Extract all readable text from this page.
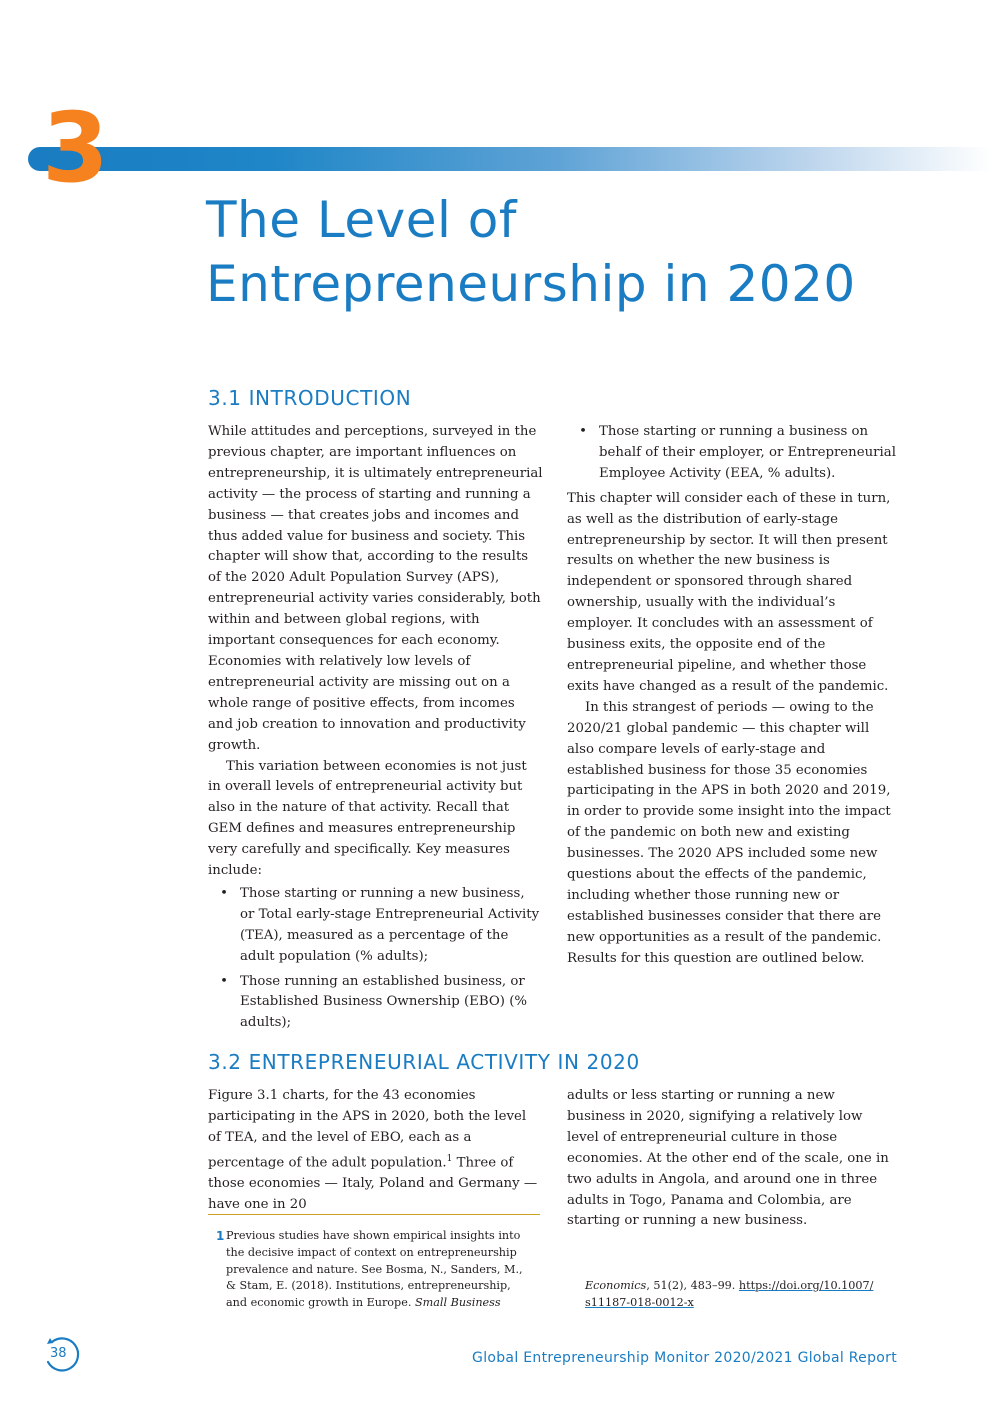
3
The Level of
Entrepreneurship in 2020
3.1 INTRODUCTION

While attitudes and perceptions, surveyed in the previous chapter, are important influences on entrepreneurship, it is ultimately entrepreneurial activity — the process of starting and running a business — that creates jobs and incomes and thus added value for business and society. This chapter will show that, according to the results of the 2020 Adult Population Survey (APS), entrepreneurial activity varies considerably, both within and between global regions, with important consequences for each economy. Economies with relatively low levels of entrepreneurial activity are missing out on a whole range of positive effects, from incomes and job creation to innovation and productivity growth.

This variation between economies is not just in overall levels of entrepreneurial activity but also in the nature of that activity. Recall that GEM defines and measures entrepreneurship very carefully and specifically. Key measures include:

• Those starting or running a new business, or Total early-stage Entrepreneurial Activity (TEA), measured as a percentage of the adult population (% adults);
• Those running an established business, or Established Business Ownership (EBO) (% adults);
• Those starting or running a business on behalf of their employer, or Entrepreneurial Employee Activity (EEA, % adults).

This chapter will consider each of these in turn, as well as the distribution of early-stage entrepreneurship by sector. It will then present results on whether the new business is independent or sponsored through shared ownership, usually with the individual’s employer. It concludes with an assessment of business exits, the opposite end of the entrepreneurial pipeline, and whether those exits have changed as a result of the pandemic.

In this strangest of periods — owing to the 2020/21 global pandemic — this chapter will also compare levels of early-stage and established business for those 35 economies participating in the APS in both 2020 and 2019, in order to provide some insight into the impact of the pandemic on both new and existing businesses. The 2020 APS included some new questions about the effects of the pandemic, including whether those running new or established businesses consider that there are new opportunities as a result of the pandemic. Results for this question are outlined below.

3.2 ENTREPRENEURIAL ACTIVITY IN 2020

Figure 3.1 charts, for the 43 economies participating in the APS in 2020, both the level of TEA, and the level of EBO, each as a percentage of the adult population.$^1$ Three of those economies — Italy, Poland and Germany — have one in 20

adults or less starting or running a new business in 2020, signifying a relatively low level of entrepreneurial culture in those economies. At the other end of the scale, one in two adults in Angola, and around one in three adults in Togo, Panama and Colombia, are starting or running a new business.

1 Previous studies have shown empirical insights into the decisive impact of context on entrepreneurship prevalence and nature. See Bosma, N., Sanders, M., & Stam, E. (2018). Institutions, entrepreneurship, and economic growth in Europe. Small Business
Economics, 51(2), 483–99. https://doi.org/10.1007/
s11187-018-0012-x
38	Global Entrepreneurship Monitor 2020/2021 Global Report
